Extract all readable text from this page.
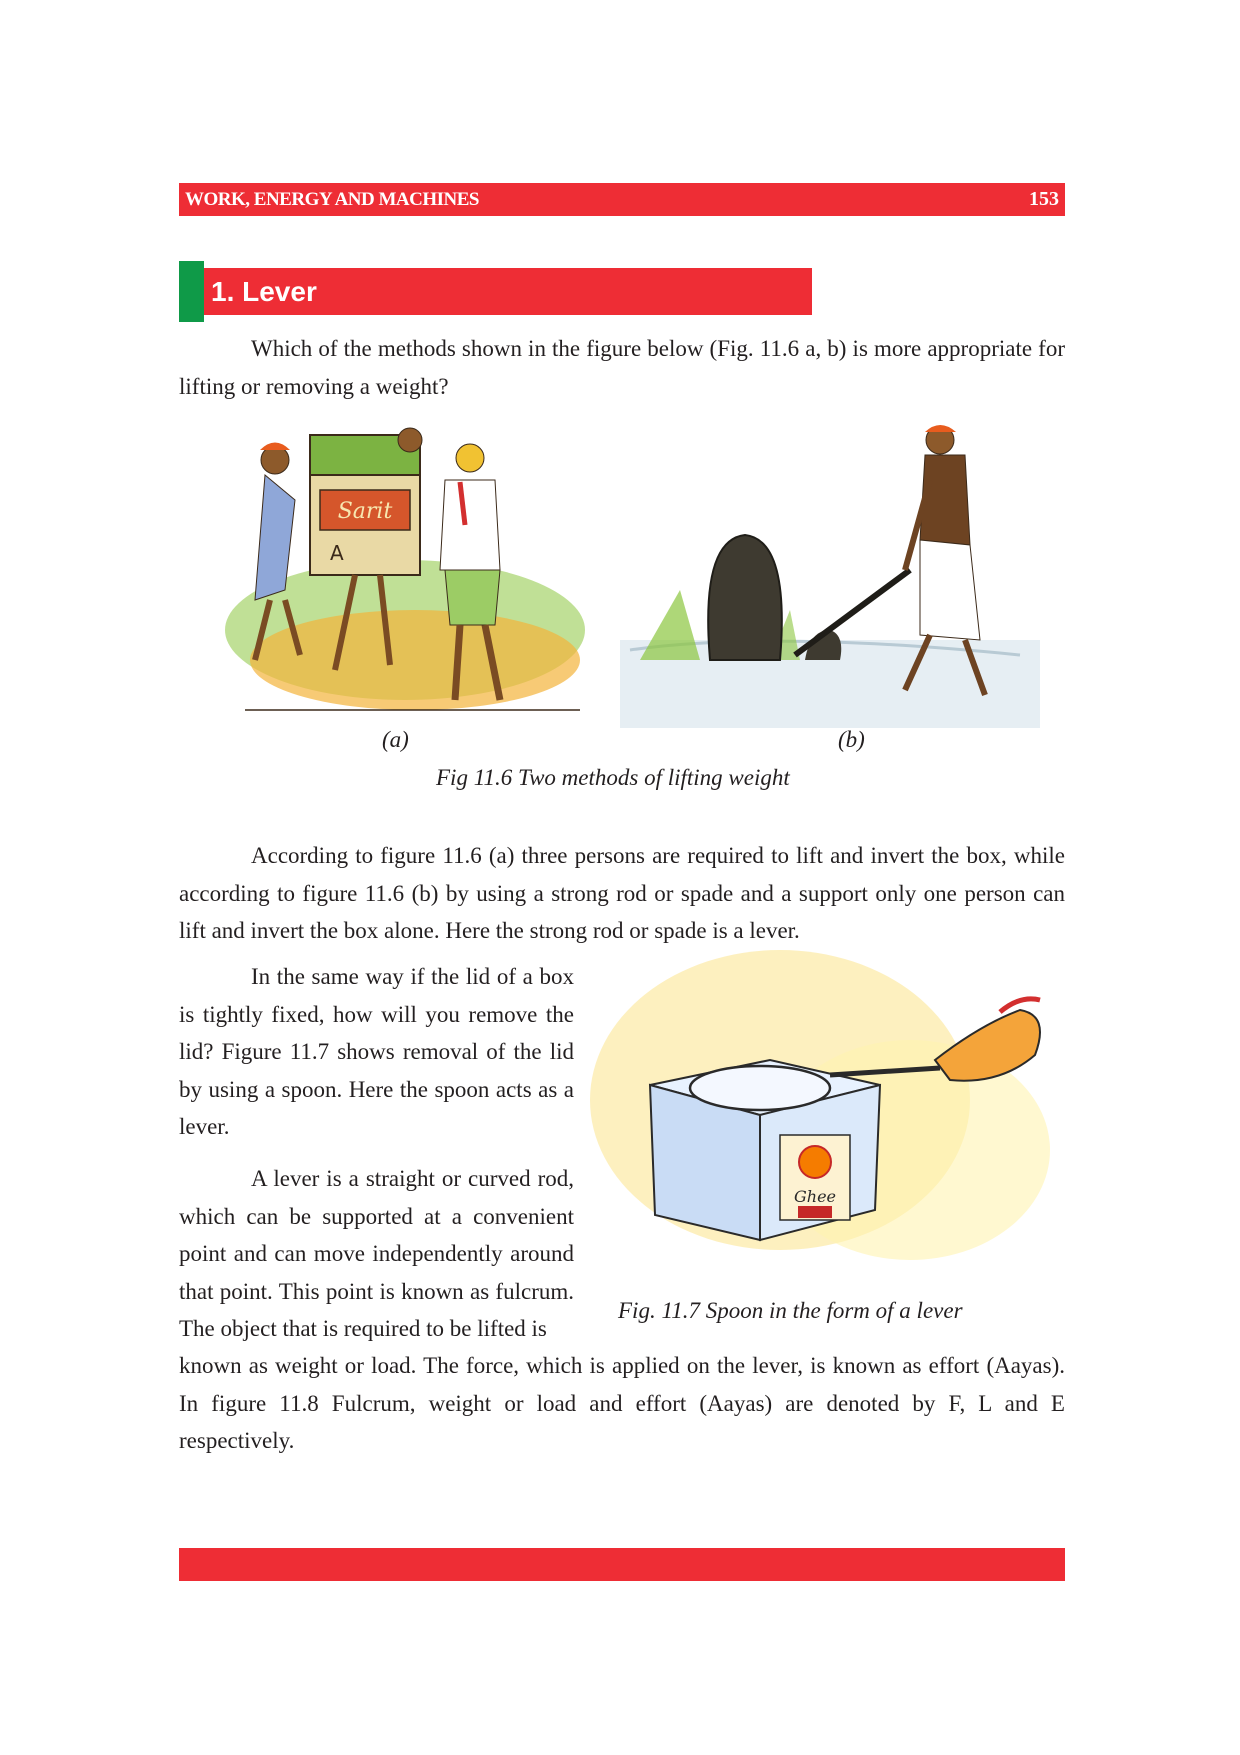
WORK, ENERGY AND MACHINES	153
1. Lever

Which of the methods shown in the figure below (Fig. 11.6 a, b) is more appropriate for lifting or removing a weight?

Sarit
A
(a)	(b)
Fig 11.6 Two methods of lifting weight

According to figure 11.6 (a) three persons are required to lift and invert the box, while according to figure 11.6 (b) by using a strong rod or spade and a support only one person can lift and invert the box alone. Here the strong rod or spade is a lever.

In the same way if the lid of a box is tightly fixed, how will you remove the lid? Figure 11.7 shows removal of the lid by using a spoon. Here the spoon acts as a lever.

A lever is a straight or curved rod, which can be supported at a convenient point and can move independently around that point. This point is known as fulcrum. The object that is required to be lifted is

known as weight or load. The force, which is applied on the lever, is known as effort (Aayas). In figure 11.8 Fulcrum, weight or load and effort (Aayas) are denoted by F, L and E respectively.

Ghee
Fig. 11.7 Spoon in the form of a lever
